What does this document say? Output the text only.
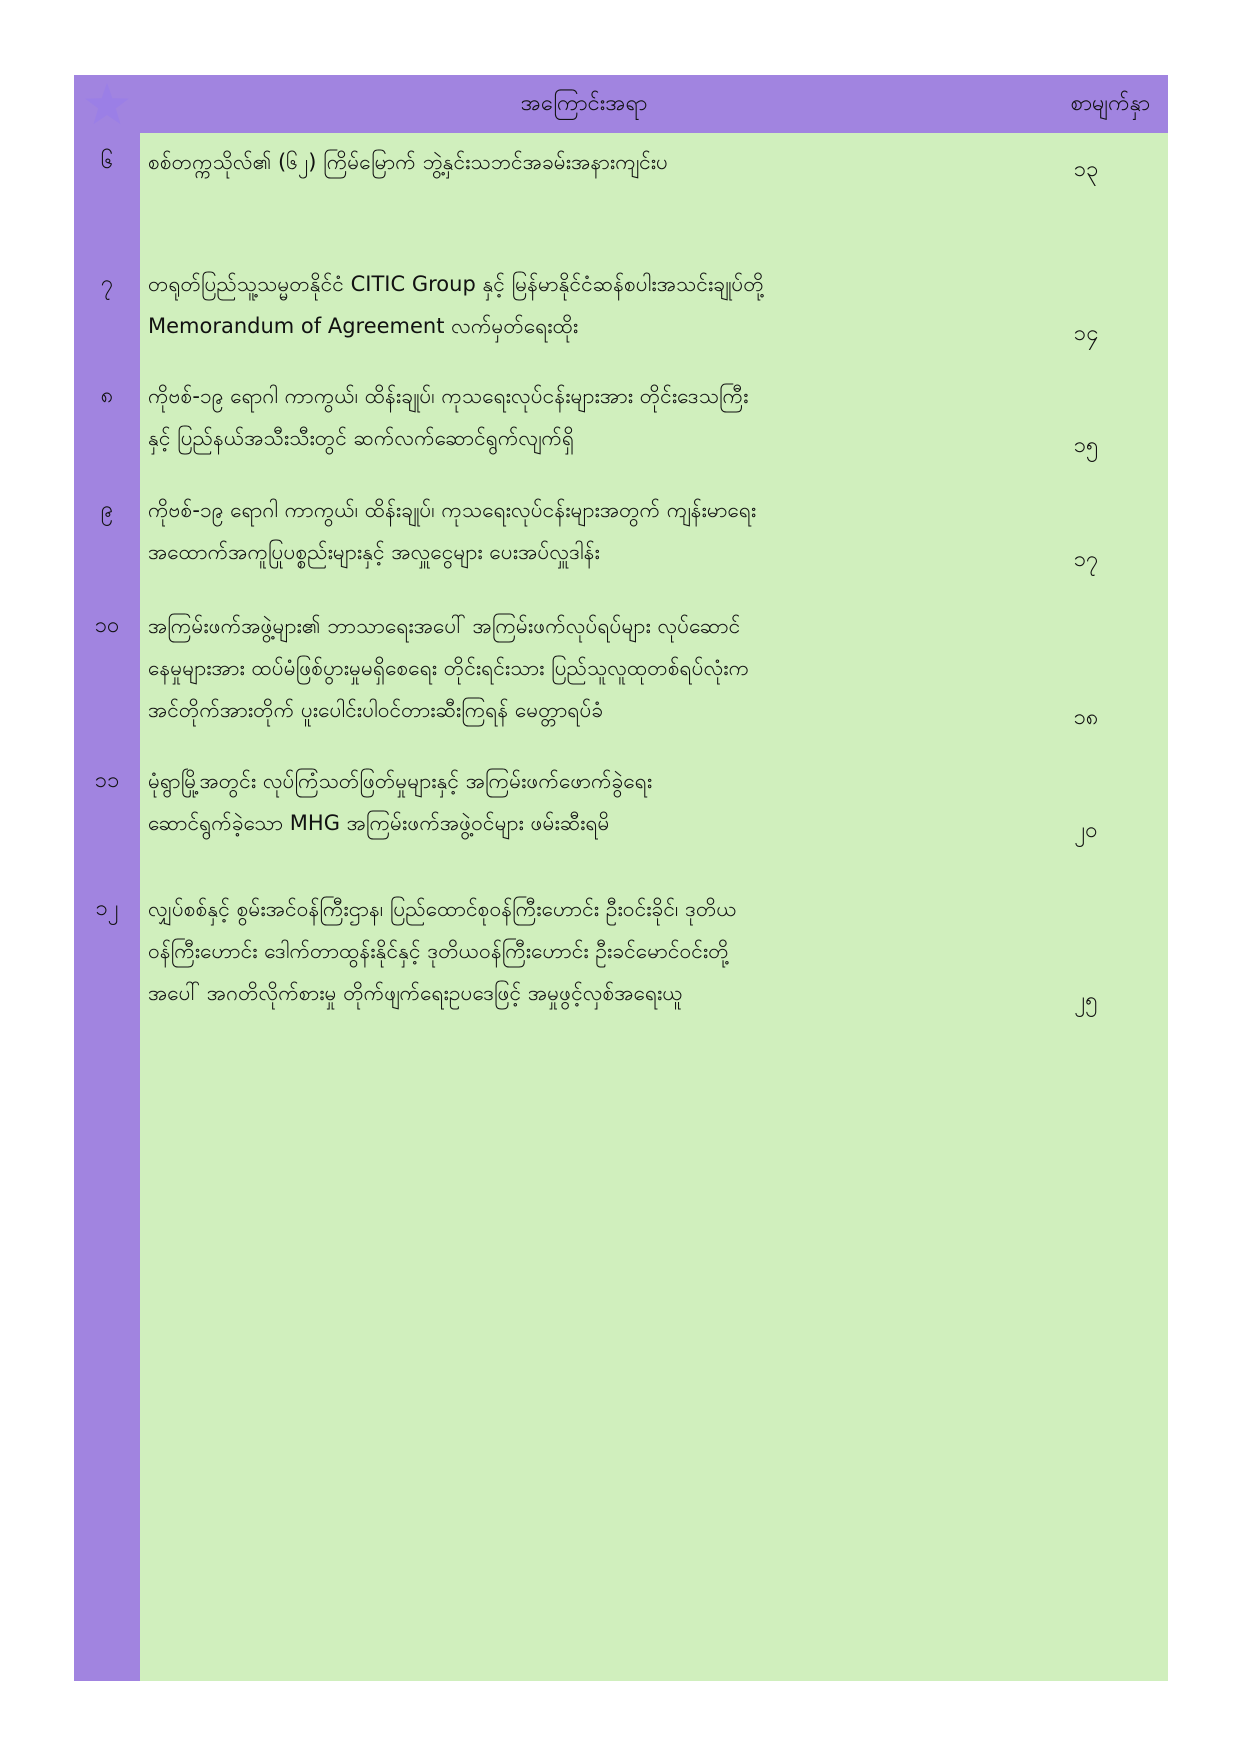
အကြောင်းအရာ	စာမျက်နှာ
၆	စစ်တက္ကသိုလ်၏ (၆၂) ကြိမ်မြောက် ဘွဲ့နှင်းသဘင်အခမ်းအနားကျင်းပ	၁၃
၇	တရုတ်ပြည်သူ့သမ္မတနိုင်ငံ CITIC Group နှင့် မြန်မာနိုင်ငံဆန်စပါးအသင်းချုပ်တို့
Memorandum of Agreement လက်မှတ်ရေးထိုး	၁၄
၈	ကိုဗစ်-၁၉ ရောဂါ ကာကွယ်၊ ထိန်းချုပ်၊ ကုသရေးလုပ်ငန်းများအား တိုင်းဒေသကြီး
နှင့် ပြည်နယ်အသီးသီးတွင် ဆက်လက်ဆောင်ရွက်လျက်ရှိ	၁၅
၉	ကိုဗစ်-၁၉ ရောဂါ ကာကွယ်၊ ထိန်းချုပ်၊ ကုသရေးလုပ်ငန်းများအတွက် ကျန်းမာရေး
အထောက်အကူပြုပစ္စည်းများနှင့် အလှူငွေများ ပေးအပ်လှူဒါန်း	၁၇
၁၀	အကြမ်းဖက်အဖွဲ့များ၏ ဘာသာရေးအပေါ် အကြမ်းဖက်လုပ်ရပ်များ လုပ်ဆောင်
နေမှုများအား ထပ်မံဖြစ်ပွားမှုမရှိစေရေး တိုင်းရင်းသား ပြည်သူလူထုတစ်ရပ်လုံးက
အင်တိုက်အားတိုက် ပူးပေါင်းပါဝင်တားဆီးကြရန် မေတ္တာရပ်ခံ	၁၈
၁၁	မုံရွာမြို့အတွင်း လုပ်ကြံသတ်ဖြတ်မှုများနှင့် အကြမ်းဖက်ဖောက်ခွဲရေး
ဆောင်ရွက်ခဲ့သော MHG အကြမ်းဖက်အဖွဲ့ဝင်များ ဖမ်းဆီးရမိ	၂၀
၁၂	လျှပ်စစ်နှင့် စွမ်းအင်ဝန်ကြီးဌာန၊ ပြည်ထောင်စုဝန်ကြီးဟောင်း ဦးဝင်းခိုင်၊ ဒုတိယ
ဝန်ကြီးဟောင်း ဒေါက်တာထွန်းနိုင်နှင့် ဒုတိယဝန်ကြီးဟောင်း ဦးခင်မောင်ဝင်းတို့
အပေါ် အဂတိလိုက်စားမှု တိုက်ဖျက်ရေးဥပဒေဖြင့် အမှုဖွင့်လှစ်အရေးယူ	၂၅
